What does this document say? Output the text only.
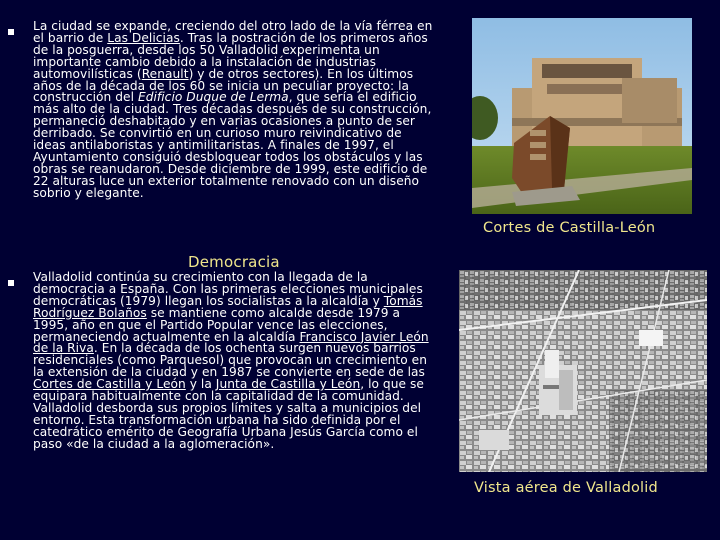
La ciudad se expande, creciendo del otro lado de la vía férrea en el barrio de Las Delicias. Tras la postración de los primeros años de la posguerra, desde los 50 Valladolid experimenta un importante cambio debido a la instalación de industrias automovilísticas (Renault) y de otros sectores). En los últimos años de la década de los 60 se inicia un peculiar proyecto: la construcción del Edificio Duque de Lerma, que sería el edificio más alto de la ciudad. Tres décadas después de su construcción, permaneció deshabitado y en varias ocasiones a punto de ser derribado. Se convirtió en un curioso muro reivindicativo de ideas antilaboristas y antimilitaristas. A finales de 1997, el Ayuntamiento consiguió desbloquear todos los obstáculos y las obras se reanudaron. Desde diciembre de 1999, este edificio de 22 alturas luce un exterior totalmente renovado con un diseño sobrio y elegante.
Democracia
Valladolid continúa su crecimiento con la llegada de la democracia a España. Con las primeras elecciones municipales democráticas (1979) llegan los socialistas a la alcaldía y Tomás Rodríguez Bolaños se mantiene como alcalde desde 1979 a 1995, año en que el Partido Popular vence las elecciones, permaneciendo actualmente en la alcaldía Francisco Javier León de la Riva. En la década de los ochenta surgen nuevos barrios residenciales (como Parquesol) que provocan un crecimiento en la extensión de la ciudad y en 1987 se convierte en sede de las Cortes de Castilla y León y la Junta de Castilla y León, lo que se equipara habitualmente con la capitalidad de la comunidad. Valladolid desborda sus propios límites y salta a municipios del entorno. Esta transformación urbana ha sido definida por el catedrático emérito de Geografía Urbana Jesús García como el paso «de la ciudad a la aglomeración».
Cortes de Castilla-León
Vista aérea de Valladolid
